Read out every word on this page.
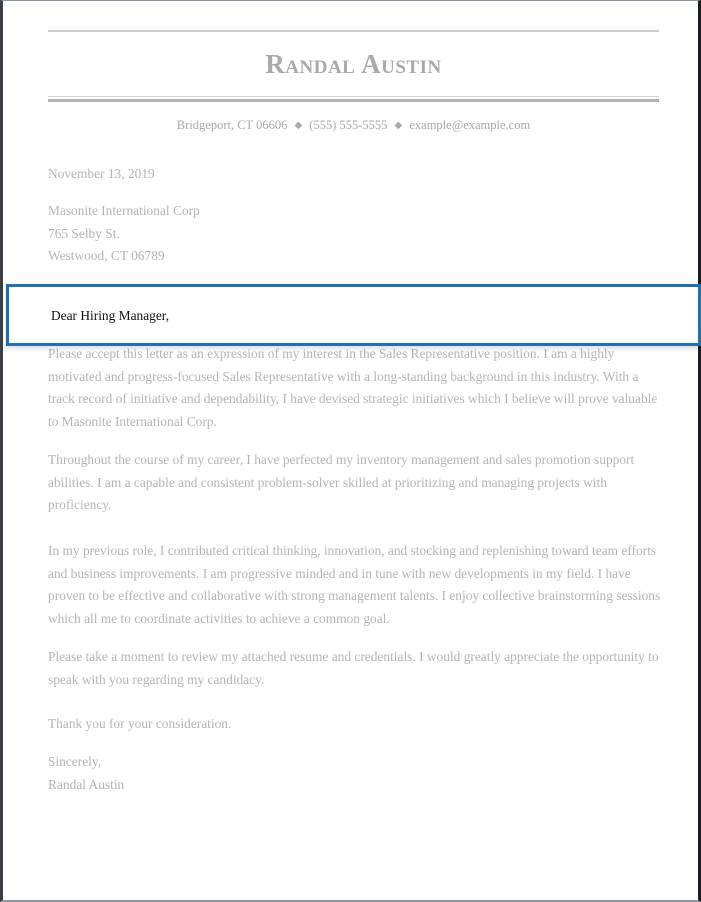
Randal Austin
Bridgeport, CT 06606 ◆ (555) 555-5555 ◆ example@example.com
November 13, 2019
Masonite International Corp
765 Selby St.
Westwood, CT 06789
Please accept this letter as an expression of my interest in the Sales Representative position. I am a highly motivated and progress-focused Sales Representative with a long-standing background in this industry. With a track record of initiative and dependability, I have devised strategic initiatives which I believe will prove valuable to Masonite International Corp.
Throughout the course of my career, I have perfected my inventory management and sales promotion support abilities. I am a capable and consistent problem-solver skilled at prioritizing and managing projects with proficiency.
In my previous role, I contributed critical thinking, innovation, and stocking and replenishing toward team efforts and business improvements. I am progressive minded and in tune with new developments in my field. I have proven to be effective and collaborative with strong management talents. I enjoy collective brainstorming sessions which all me to coordinate activities to achieve a common goal.
Please take a moment to review my attached resume and credentials. I would greatly appreciate the opportunity to speak with you regarding my candidacy.
Thank you for your consideration.
Sincerely,
Randal Austin
Dear Hiring Manager,
